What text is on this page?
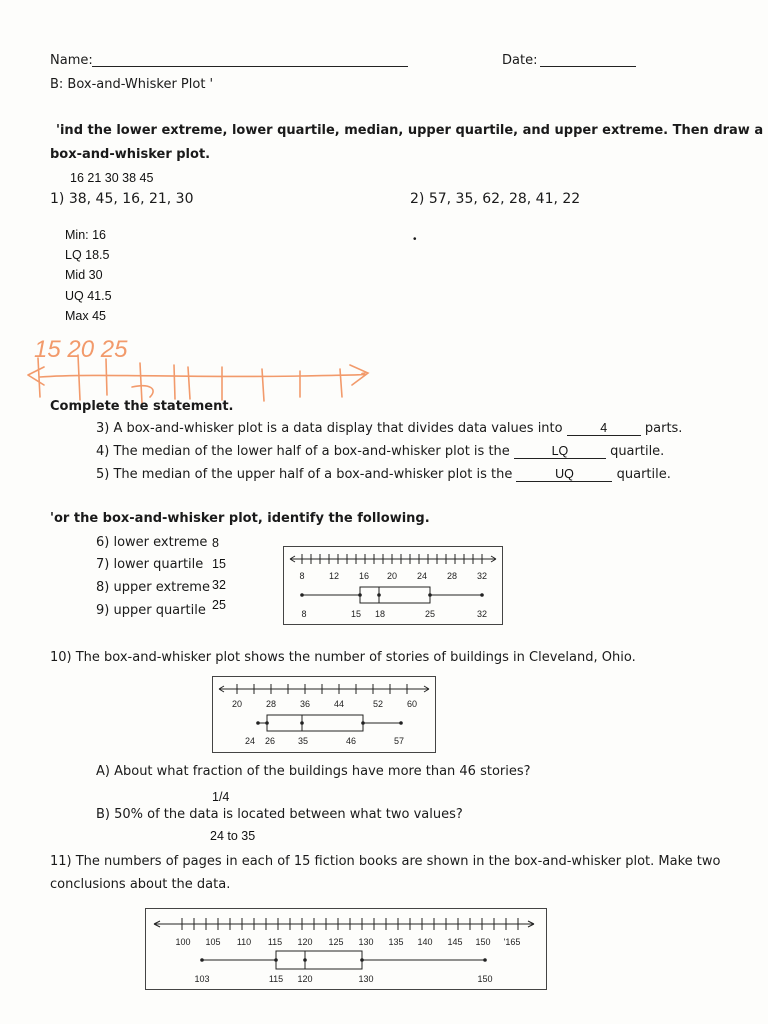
Name:	Date:
B: Box-and-Whisker Plot '
'ind the lower extreme, lower quartile, median, upper quartile, and upper extreme. Then draw a
box-and-whisker plot.
16 21 30 38 45
1) 38, 45, 16, 21, 30	2) 57, 35, 62, 28, 41, 22
•
Min: 16
LQ 18.5
Mid 30
UQ 41.5
Max 45
15 20 25
Complete the statement.
3) A box-and-whisker plot is a data display that divides data values into	4	parts.
4) The median of the lower half of a box-and-whisker plot is the	LQ	quartile.
5) The median of the upper half of a box-and-whisker plot is the	UQ	quartile.
'or the box-and-whisker plot, identify the following.
6) lower extreme 8
7) lower quartile 15
8) upper extreme 32
9) upper quartile 25
8	12 16 20 24 28 32
8	15 18	25	32
10) The box-and-whisker plot shows the number of stories of buildings in Cleveland, Ohio.
20	28	36	44	52	60
24 26	35	46	57
A) About what fraction of the buildings have more than 46 stories?
1/4
B) 50% of the data is located between what two values?
24 to 35
11) The numbers of pages in each of 15 fiction books are shown in the box-and-whisker plot. Make two
conclusions about the data.
100 105 110 115 120 125 130 135 140 145 150 '165
103	115 120	130	150
